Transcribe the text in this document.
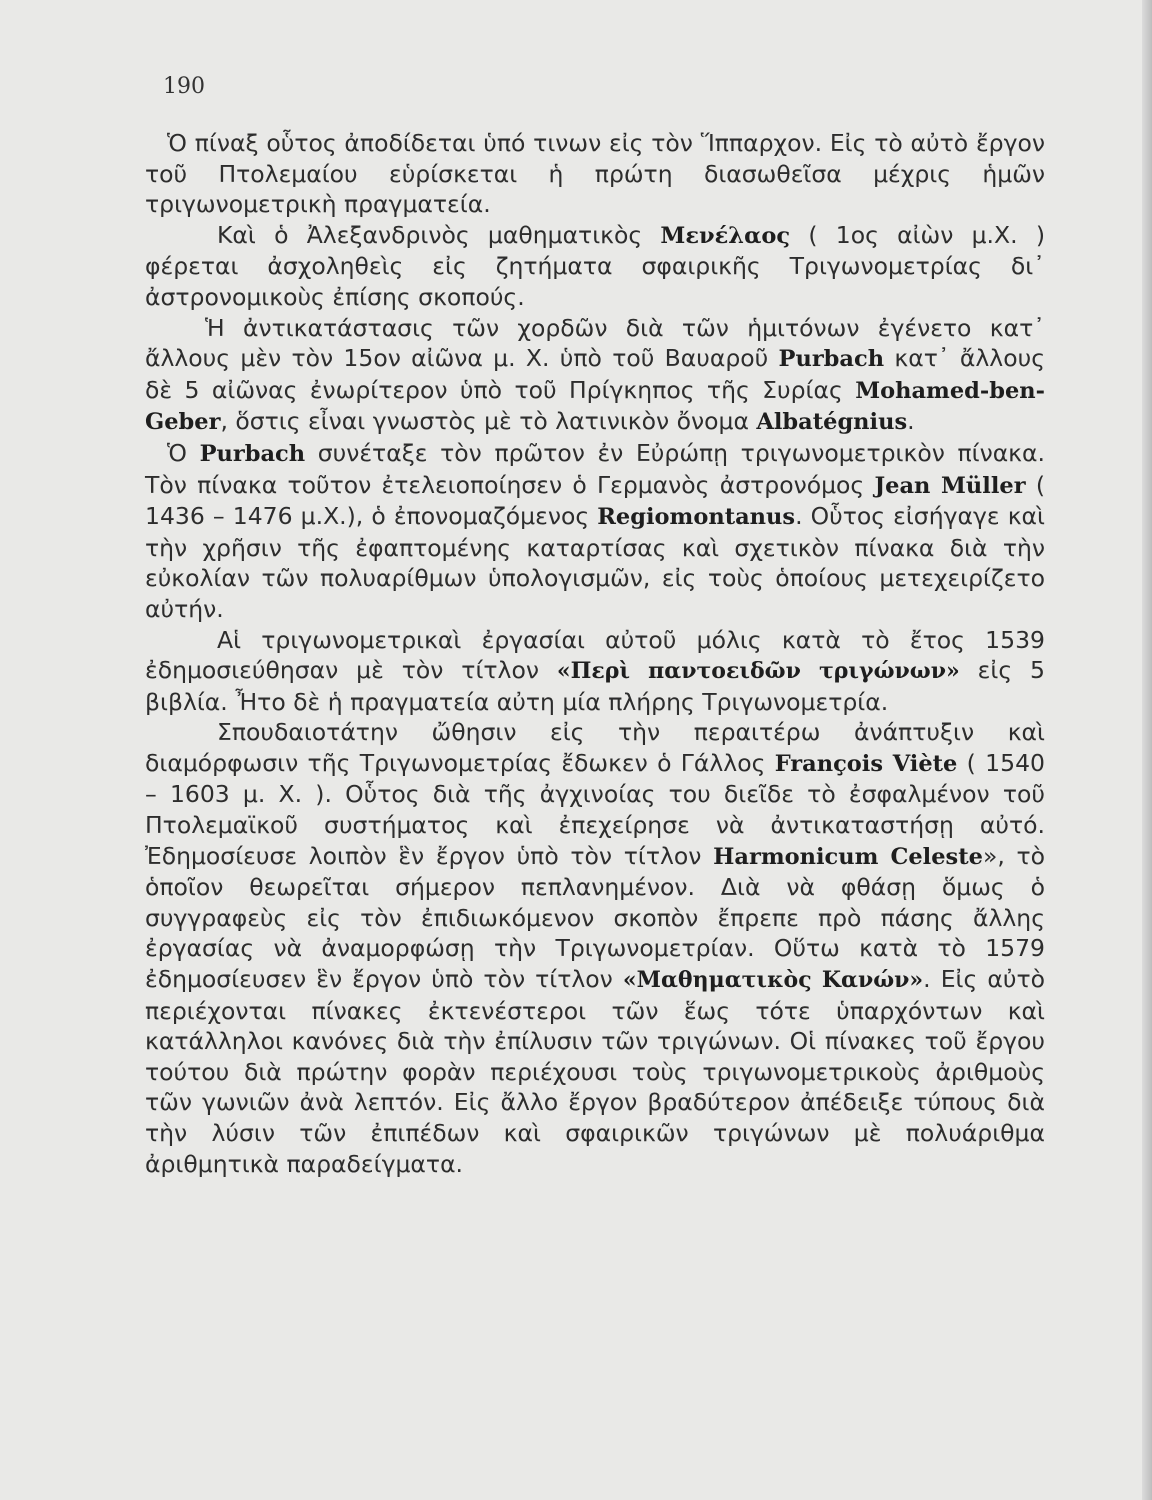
190

Ὁ πίναξ οὗτος ἀποδίδεται ὑπό τινων εἰς τὸν Ἵππαρχον. Εἰς τὸ αὐτὸ ἔργον τοῦ Πτολεμαίου εὑρίσκεται ἡ πρώτη διασωθεῖσα μέχρις ἡμῶν τριγωνομετρικὴ πραγματεία.

Καὶ ὁ Ἀλεξανδρινὸς μαθηματικὸς Μενέλαος ( 1ος αἰὼν μ.Χ. ) φέρεται ἀσχοληθεὶς εἰς ζητήματα σφαιρικῆς Τριγωνομετρίας δι᾽ ἀστρονομικοὺς ἐπίσης σκοπούς.

Ἡ ἀντικατάστασις τῶν χορδῶν διὰ τῶν ἡμιτόνων ἐγένετο κατ᾽ ἄλλους μὲν τὸν 15ον αἰῶνα μ. Χ. ὑπὸ τοῦ Βαυαροῦ Purbach κατ᾽ ἄλλους δὲ 5 αἰῶνας ἐνωρίτερον ὑπὸ τοῦ Πρίγκηπος τῆς Συρίας Mohamed-ben-Geber, ὅστις εἶναι γνωστὸς μὲ τὸ λατινικὸν ὄνομα Albatégnius.

Ὁ Purbach συνέταξε τὸν πρῶτον ἐν Εὐρώπῃ τριγωνομετρικὸν πίνακα. Τὸν πίνακα τοῦτον ἐτελειοποίησεν ὁ Γερμανὸς ἀστρονόμος Jean Müller ( 1436 – 1476 μ.Χ.), ὁ ἐπονομαζόμενος Regiomontanus. Οὗτος εἰσήγαγε καὶ τὴν χρῆσιν τῆς ἐφαπτομένης καταρτίσας καὶ σχετικὸν πίνακα διὰ τὴν εὐκολίαν τῶν πολυαρίθμων ὑπολογισμῶν, εἰς τοὺς ὁποίους μετεχειρίζετο αὐτήν.

Αἱ τριγωνομετρικαὶ ἐργασίαι αὐτοῦ μόλις κατὰ τὸ ἔτος 1539 ἐδημοσιεύθησαν μὲ τὸν τίτλον «Περὶ παντοειδῶν τριγώνων» εἰς 5 βιβλία. Ἦτο δὲ ἡ πραγματεία αὐτη μία πλήρης Τριγωνομετρία.

Σπουδαιοτάτην ὤθησιν εἰς τὴν περαιτέρω ἀνάπτυξιν καὶ διαμόρφωσιν τῆς Τριγωνομετρίας ἔδωκεν ὁ Γάλλος François Viète ( 1540 – 1603 μ. Χ. ). Οὗτος διὰ τῆς ἀγχινοίας του διεῖδε τὸ ἐσφαλμένον τοῦ Πτολεμαϊκοῦ συστήματος καὶ ἐπεχείρησε νὰ ἀντικαταστήσῃ αὐτό. Ἐδημοσίευσε λοιπὸν ἓν ἔργον ὑπὸ τὸν τίτλον Harmonicum Celeste», τὸ ὁποῖον θεωρεῖται σήμερον πεπλανημένον. Διὰ νὰ φθάσῃ ὅμως ὁ συγγραφεὺς εἰς τὸν ἐπιδιωκόμενον σκοπὸν ἔπρεπε πρὸ πάσης ἄλλης ἐργασίας νὰ ἀναμορφώσῃ τὴν Τριγωνομετρίαν. Οὕτω κατὰ τὸ 1579 ἐδημοσίευσεν ἓν ἔργον ὑπὸ τὸν τίτλον «Μαθηματικὸς Κανών». Εἰς αὐτὸ περιέχονται πίνακες ἐκτενέστεροι τῶν ἕως τότε ὑπαρχόντων καὶ κατάλληλοι κανόνες διὰ τὴν ἐπίλυσιν τῶν τριγώνων. Οἱ πίνακες τοῦ ἔργου τούτου διὰ πρώτην φορὰν περιέχουσι τοὺς τριγωνομετρικοὺς ἀριθμοὺς τῶν γωνιῶν ἀνὰ λεπτόν. Εἰς ἄλλο ἔργον βραδύτερον ἀπέδειξε τύπους διὰ τὴν λύσιν τῶν ἐπιπέδων καὶ σφαιρικῶν τριγώνων μὲ πολυάριθμα ἀριθμητικὰ παραδείγματα.
